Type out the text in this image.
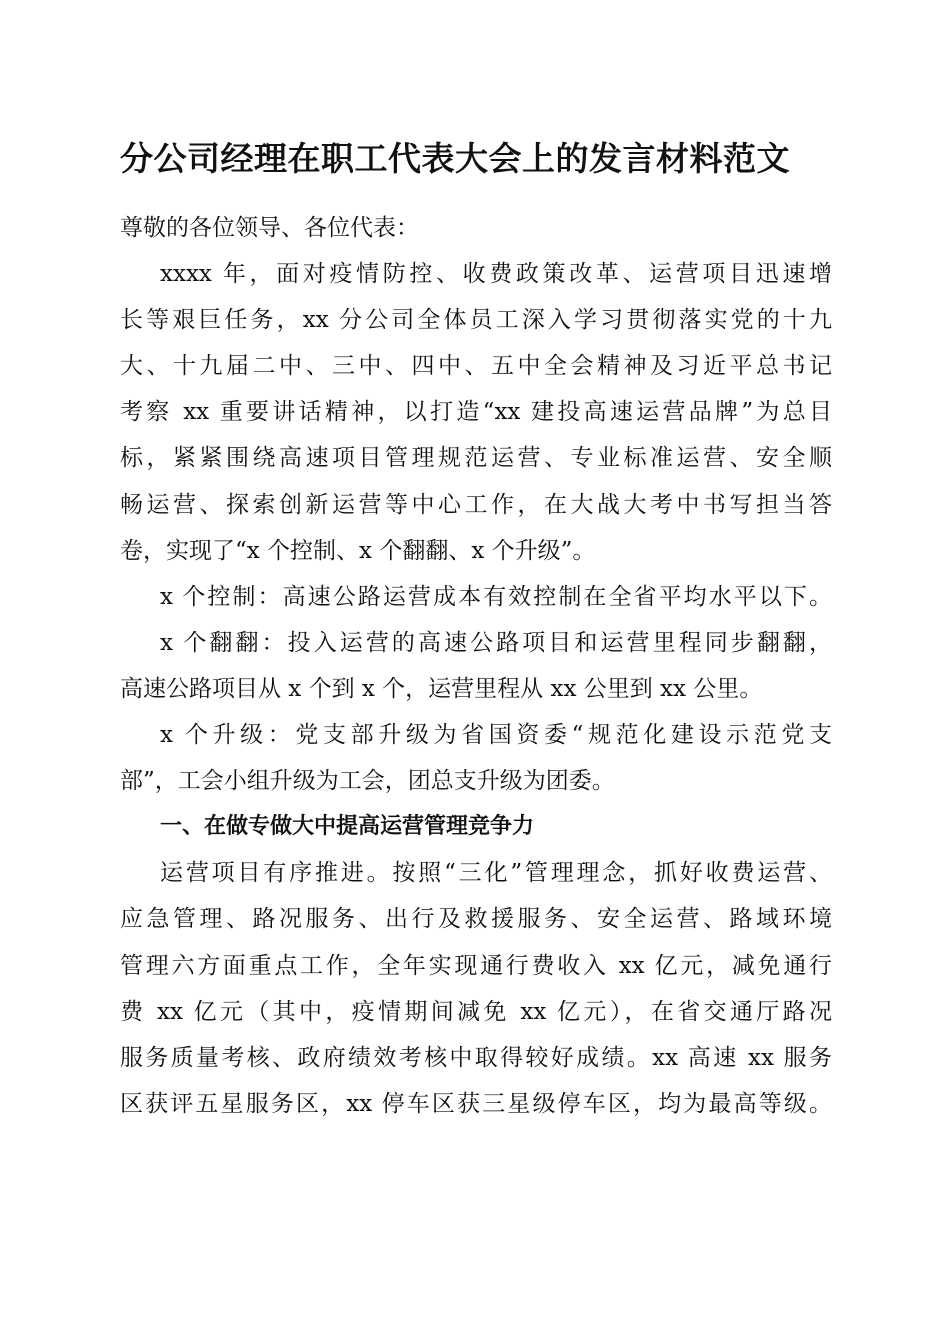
分公司经理在职工代表大会上的发言材料范文
尊敬的各位领导、各位代表：
xxxx 年，面对疫情防控、收费政策改革、运营项目迅速增
长等艰巨任务，xx 分公司全体员工深入学习贯彻落实党的十九
大、十九届二中、三中、四中、五中全会精神及习近平总书记
考察 xx 重要讲话精神，以打造“xx 建投高速运营品牌”为总目
标，紧紧围绕高速项目管理规范运营、专业标准运营、安全顺
畅运营、探索创新运营等中心工作，在大战大考中书写担当答
卷，实现了“x 个控制、x 个翻翻、x 个升级”。
x 个控制：高速公路运营成本有效控制在全省平均水平以下。
x 个翻翻：投入运营的高速公路项目和运营里程同步翻翻，
高速公路项目从 x 个到 x 个，运营里程从 xx 公里到 xx 公里。
x 个升级：党支部升级为省国资委“规范化建设示范党支
部”，工会小组升级为工会，团总支升级为团委。
一、在做专做大中提高运营管理竞争力
运营项目有序推进。按照“三化”管理理念，抓好收费运营、
应急管理、路况服务、出行及救援服务、安全运营、路域环境
管理六方面重点工作，全年实现通行费收入 xx 亿元，减免通行
费 xx 亿元（其中，疫情期间减免 xx 亿元），在省交通厅路况
服务质量考核、政府绩效考核中取得较好成绩。xx 高速 xx 服务
区获评五星服务区，xx 停车区获三星级停车区，均为最高等级。
